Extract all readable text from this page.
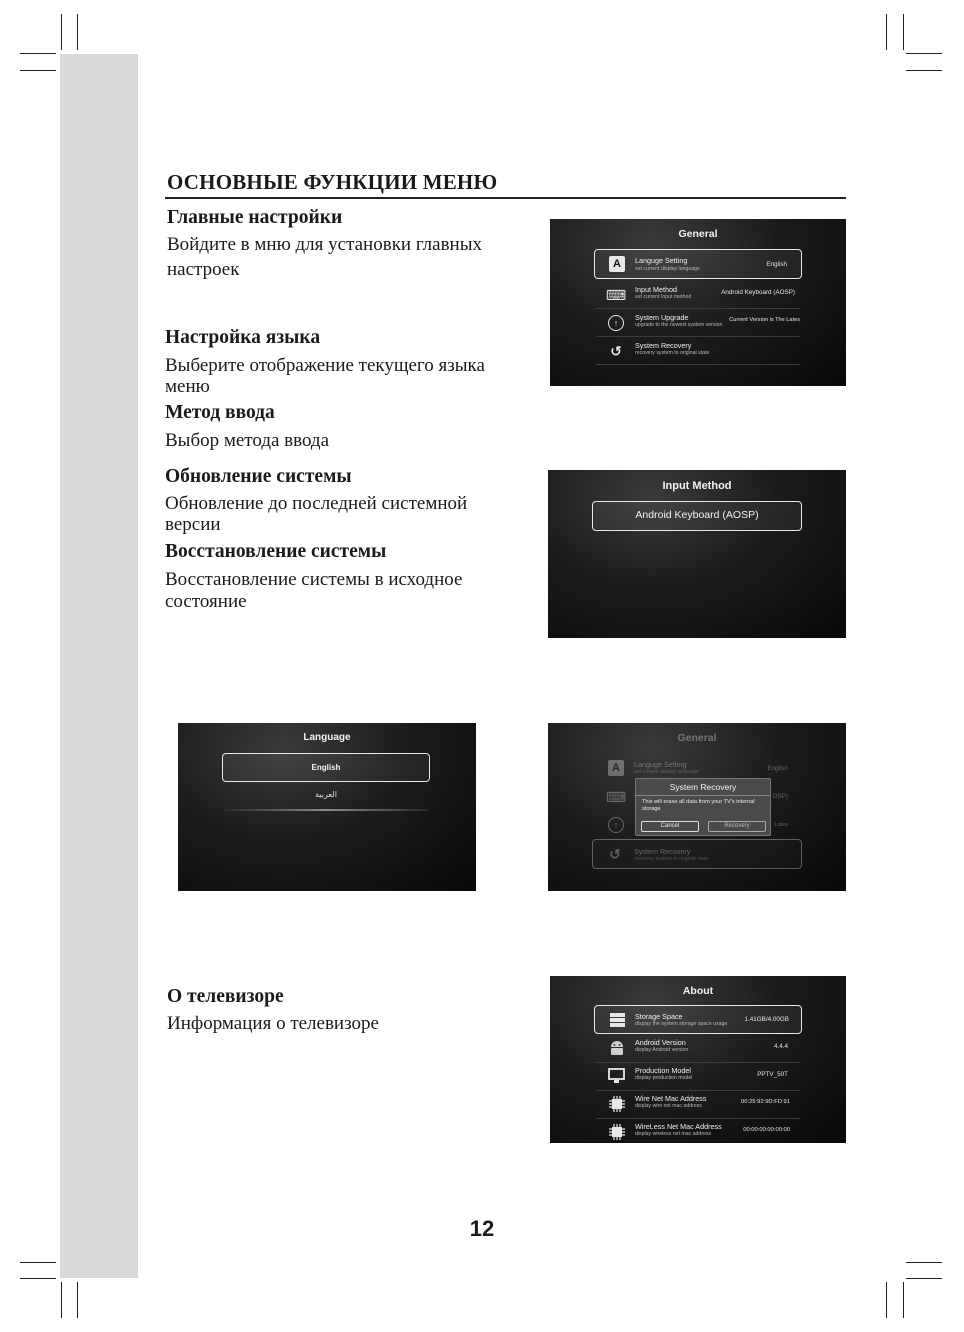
ОСНОВНЫЕ ФУНКЦИИ МЕНЮ
Главные настройки
Войдите в мню для установки главных
настроек
Настройка языка
Выберите отображение текущего языка
меню
Метод ввода
Выбор метода ввода
Обновление системы
Обновление до последней системной
версии
Восстановление системы
Восстановление системы в исходное
состояние
О телевизоре
Информация о телевизоре
General
A	Languge Setting
set current display language
English
⌨ Input Method
set current Input method
Android Keyboard (AOSP)
↑
System Upgrade
upgrade to the newest system version
Current Version is The Lates
↺ System Recovery
recovery system to original state
Input Method
Android Keyboard (AOSP)
Language
English
العربية
General
A	Languge Setting
set current display language	English
⌨	OSP)
↑	Lates
↺ System Recovery
recovery system to original state
System Recovery
This will erase all data from your TV's internal storage
Cancel	Recovery
About
Storage Space
display the system storage space usage
1.41GB/4.00GB
Android Version
display Android version	4.4.4
Production Model
display production model	PPTV_50T
Wire Net Mac Address
display wire net mac address
00:25:92:9D:FD:91
WireLess Net Mac Address
display wireless net mac address
00:00:00:00:00:00
12
